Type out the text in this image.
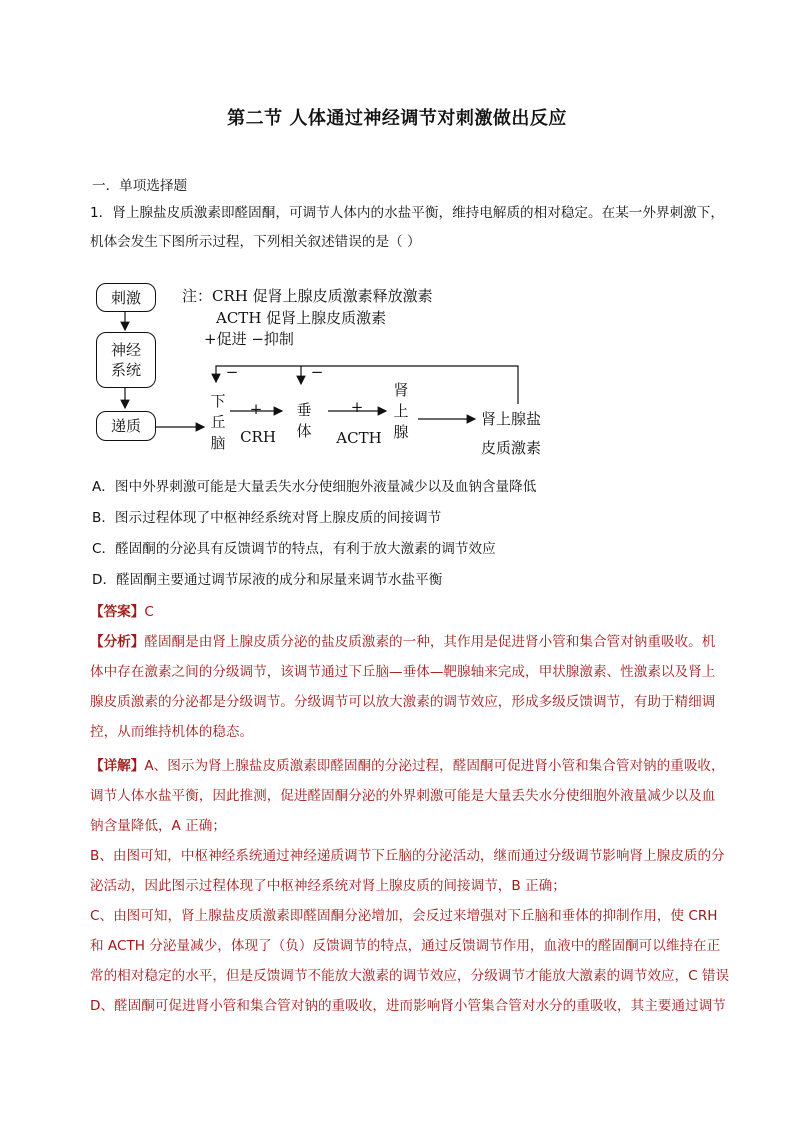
第二节 人体通过神经调节对刺激做出反应
一．单项选择题
1．肾上腺盐皮质激素即醛固酮，可调节人体内的水盐平衡，维持电解质的相对稳定。在某一外界刺激下，
机体会发生下图所示过程，下列相关叙述错误的是（ ）
刺激
神经
系统
递质
下
丘
脑
+
CRH
垂
体
+
ACTH
肾
上
腺
肾上腺盐
皮质激素
−	−
注：CRH 促肾上腺皮质激素释放激素
ACTH 促肾上腺皮质激素
+促进 −抑制
A．图中外界刺激可能是大量丢失水分使细胞外液量减少以及血钠含量降低
B．图示过程体现了中枢神经系统对肾上腺皮质的间接调节
C．醛固酮的分泌具有反馈调节的特点，有利于放大激素的调节效应
D．醛固酮主要通过调节尿液的成分和尿量来调节水盐平衡
【答案】C
【分析】醛固酮是由肾上腺皮质分泌的盐皮质激素的一种，其作用是促进肾小管和集合管对钠重吸收。机
体中存在激素之间的分级调节，该调节通过下丘脑—垂体—靶腺轴来完成，甲状腺激素、性激素以及肾上
腺皮质激素的分泌都是分级调节。分级调节可以放大激素的调节效应，形成多级反馈调节，有助于精细调
控，从而维持机体的稳态。
【详解】A、图示为肾上腺盐皮质激素即醛固酮的分泌过程，醛固酮可促进肾小管和集合管对钠的重吸收，
调节人体水盐平衡，因此推测，促进醛固酮分泌的外界刺激可能是大量丢失水分使细胞外液量减少以及血
钠含量降低，A 正确；
B、由图可知，中枢神经系统通过神经递质调节下丘脑的分泌活动，继而通过分级调节影响肾上腺皮质的分
泌活动，因此图示过程体现了中枢神经系统对肾上腺皮质的间接调节，B 正确；
C、由图可知，肾上腺盐皮质激素即醛固酮分泌增加，会反过来增强对下丘脑和垂体的抑制作用，使 CRH
和 ACTH 分泌量减少，体现了（负）反馈调节的特点，通过反馈调节作用，血液中的醛固酮可以维持在正
常的相对稳定的水平，但是反馈调节不能放大激素的调节效应，分级调节才能放大激素的调节效应，C 错误
D、醛固酮可促进肾小管和集合管对钠的重吸收，进而影响肾小管集合管对水分的重吸收，其主要通过调节
